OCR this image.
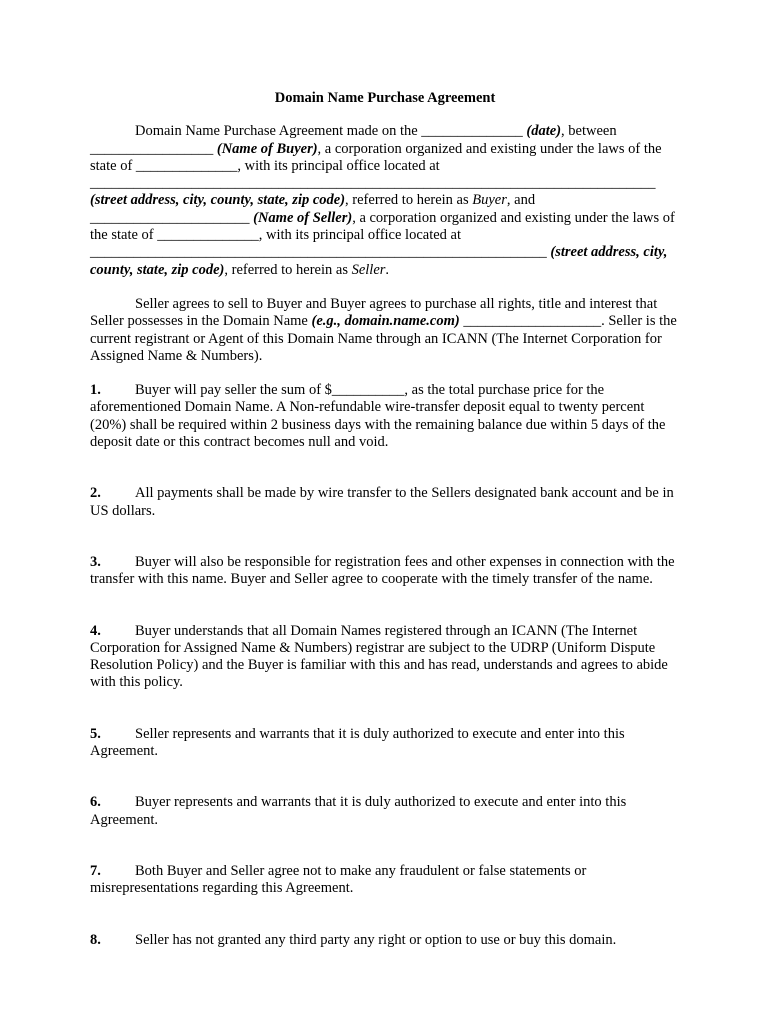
Domain Name Purchase Agreement

Domain Name Purchase Agreement made on the ______________ (date), between _________________ (Name of Buyer), a corporation organized and existing under the laws of the state of ______________, with its principal office located at ______________________________________________________________________________ (street address, city, county, state, zip code), referred to herein as Buyer, and ______________________ (Name of Seller), a corporation organized and existing under the laws of the state of ______________, with its principal office located at _______________________________________________________________ (street address, city, county, state, zip code), referred to herein as Seller.

Seller agrees to sell to Buyer and Buyer agrees to purchase all rights, title and interest that Seller possesses in the Domain Name (e.g., domain.name.com) ___________________. Seller is the current registrant or Agent of this Domain Name through an ICANN (The Internet Corporation for Assigned Name & Numbers).

1. Buyer will pay seller the sum of $__________, as the total purchase price for the aforementioned Domain Name. A Non-refundable wire-transfer deposit equal to twenty percent (20%) shall be required within 2 business days with the remaining balance due within 5 days of the deposit date or this contract becomes null and void.

2. All payments shall be made by wire transfer to the Sellers designated bank account and be in US dollars.

3. Buyer will also be responsible for registration fees and other expenses in connection with the transfer with this name. Buyer and Seller agree to cooperate with the timely transfer of the name.

4. Buyer understands that all Domain Names registered through an ICANN (The Internet Corporation for Assigned Name & Numbers) registrar are subject to the UDRP (Uniform Dispute Resolution Policy) and the Buyer is familiar with this and has read, understands and agrees to abide with this policy.

5. Seller represents and warrants that it is duly authorized to execute and enter into this Agreement.

6. Buyer represents and warrants that it is duly authorized to execute and enter into this Agreement.

7. Both Buyer and Seller agree not to make any fraudulent or false statements or misrepresentations regarding this Agreement.

8. Seller has not granted any third party any right or option to use or buy this domain.
